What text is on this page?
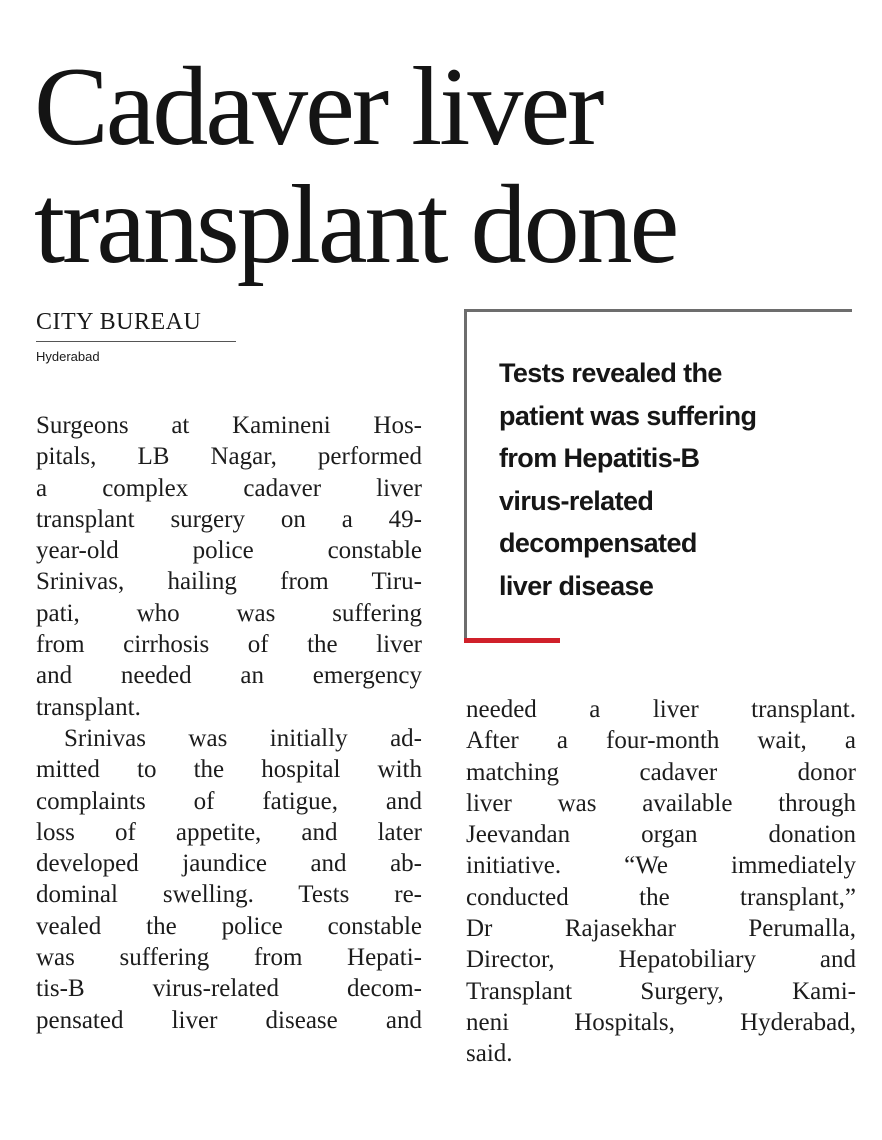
Cadaver liver
transplant done
CITY BUREAU
Hyderabad
Surgeons at Kamineni Hos-
pitals, LB Nagar, performed
a complex cadaver liver
transplant surgery on a 49-
year-old police constable
Srinivas, hailing from Tiru-
pati, who was suffering
from cirrhosis of the liver
and needed an emergency
transplant.
Srinivas was initially ad-
mitted to the hospital with
complaints of fatigue, and
loss of appetite, and later
developed jaundice and ab-
dominal swelling. Tests re-
vealed the police constable
was suffering from Hepati-
tis-B virus-related decom-
pensated liver disease and
Tests revealed the
patient was suffering
from Hepatitis-B
virus-related
decompensated
liver disease
needed a liver transplant.
After a four-month wait, a
matching cadaver donor
liver was available through
Jeevandan organ donation
initiative. “We immediately
conducted the transplant,”
Dr Rajasekhar Perumalla,
Director, Hepatobiliary and
Transplant Surgery, Kami-
neni Hospitals, Hyderabad,
said.
